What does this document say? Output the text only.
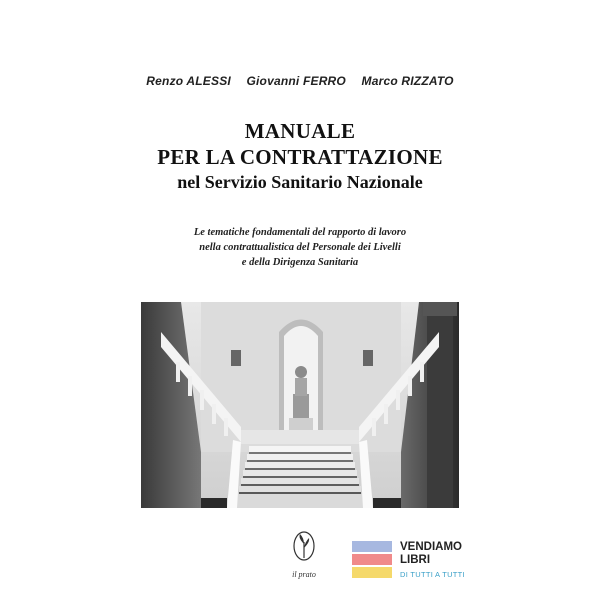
Renzo ALESSI Giovanni FERRO Marco RIZZATO
MANUALE
PER LA CONTRATTAZIONE
nel Servizio Sanitario Nazionale
Le tematiche fondamentali del rapporto di lavoro
nella contrattualistica del Personale dei Livelli
e della Dirigenza Sanitaria
il prato
VENDIAMO
LIBRI
DI TUTTI A TUTTI
